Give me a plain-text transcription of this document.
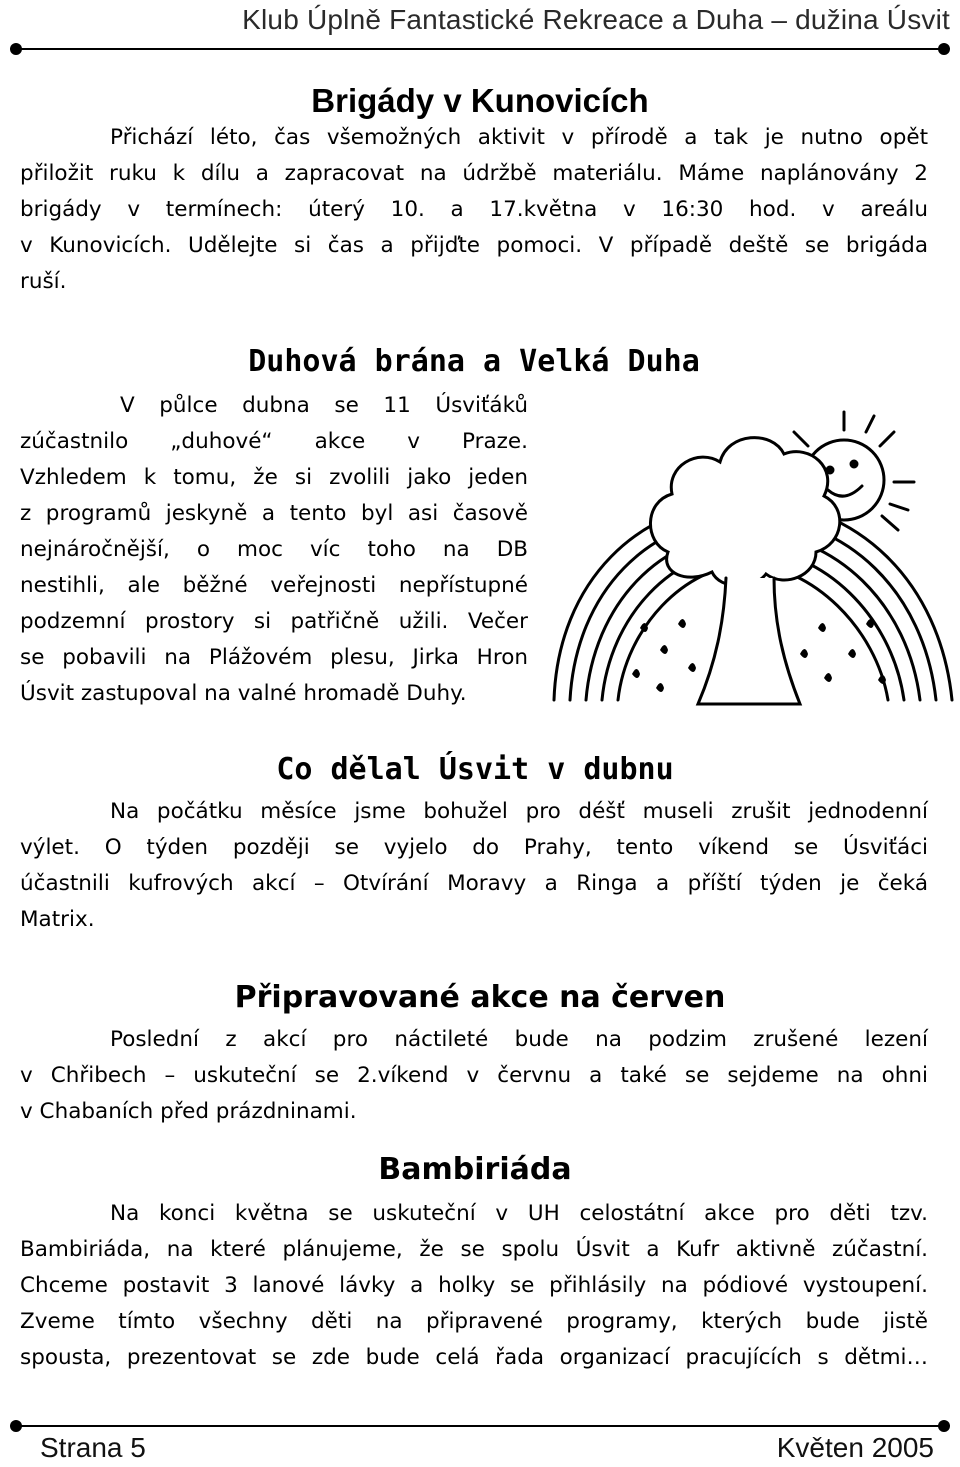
Klub Úplně Fantastické Rekreace a Duha – dužina Úsvit
Brigády v Kunovicích
Přichází léto, čas všemožných aktivit v přírodě a tak je nutno opět
přiložit ruku k dílu a zapracovat na údržbě materiálu. Máme naplánovány 2
brigády v termínech: úterý 10. a 17.května v 16:30 hod. v areálu
v Kunovicích. Udělejte si čas a přijďte pomoci. V případě deště se brigáda
ruší.
Duhová brána a Velká Duha
V půlce dubna se 11 Úsviťáků
zúčastnilo „duhové“ akce v Praze.
Vzhledem k tomu, že si zvolili jako jeden
z programů jeskyně a tento byl asi časově
nejnáročnější, o moc víc toho na DB
nestihli, ale běžné veřejnosti nepřístupné
podzemní prostory si patřičně užili. Večer
se pobavili na Plážovém plesu, Jirka Hron
Úsvit zastupoval na valné hromadě Duhy.
Co dělal Úsvit v dubnu
Na počátku měsíce jsme bohužel pro déšť museli zrušit jednodenní
výlet. O týden později se vyjelo do Prahy, tento víkend se Úsviťáci
účastnili kufrových akcí – Otvírání Moravy a Ringa a příští týden je čeká
Matrix.
Připravované akce na červen
Poslední z akcí pro náctileté bude na podzim zrušené lezení
v Chřibech – uskuteční se 2.víkend v červnu a také se sejdeme na ohni
v Chabaních před prázdninami.
Bambiriáda
Na konci května se uskuteční v UH celostátní akce pro děti tzv.
Bambiriáda, na které plánujeme, že se spolu Úsvit a Kufr aktivně zúčastní.
Chceme postavit 3 lanové lávky a holky se přihlásily na pódiové vystoupení.
Zveme tímto všechny děti na připravené programy, kterých bude jistě
spousta, prezentovat se zde bude celá řada organizací pracujících s dětmi…
Strana 5	Květen 2005
